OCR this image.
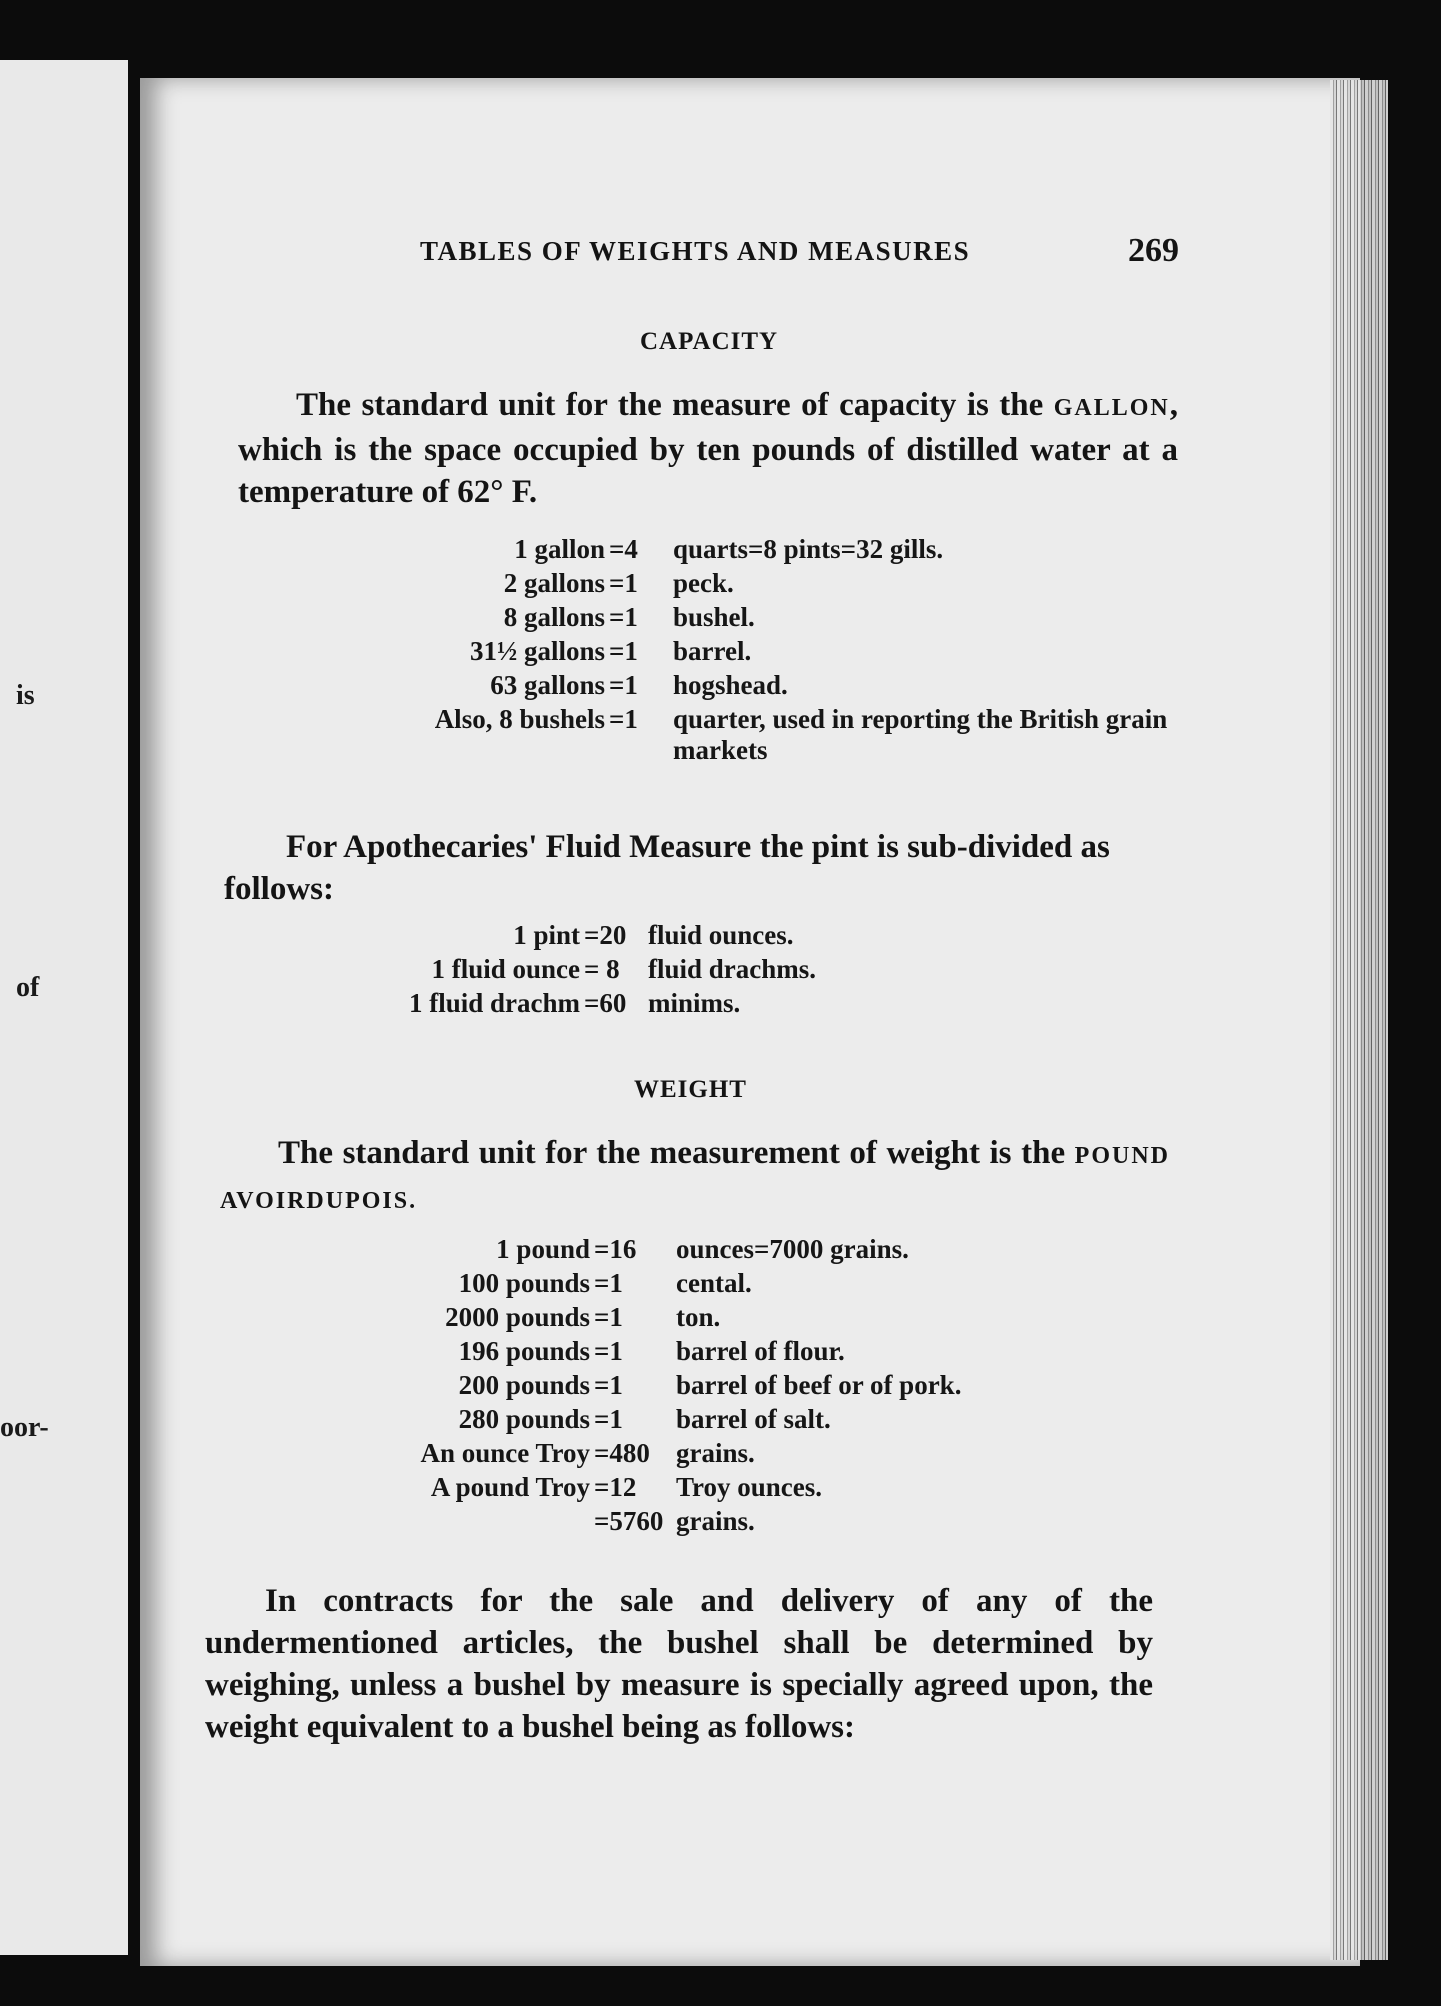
is
of
oor-
TABLES OF WEIGHTS AND MEASURES	269
CAPACITY
The standard unit for the measure of capacity is the GALLON, which is the space occupied by ten pounds of distilled water at a temperature of 62° F.
1 gallon	=4	quarts=8 pints=32 gills.
2 gallons	=1	peck.
8 gallons	=1	bushel.
31½ gallons	=1	barrel.
63 gallons	=1	hogshead.
Also, 8 bushels	=1	quarter, used in reporting the British grain markets
For Apothecaries' Fluid Measure the pint is sub-divided as follows:
1 pint	=20	fluid ounces.
1 fluid ounce	= 8	fluid drachms.
1 fluid drachm	=60	minims.
WEIGHT
The standard unit for the measurement of weight is the POUND AVOIRDUPOIS.
1 pound	=16	ounces=7000 grains.
100 pounds	=1	cental.
2000 pounds	=1	ton.
196 pounds	=1	barrel of flour.
200 pounds	=1	barrel of beef or of pork.
280 pounds	=1	barrel of salt.
An ounce Troy	=480	grains.
A pound Troy	=12	Troy ounces.
	=5760	grains.
In contracts for the sale and delivery of any of the undermentioned articles, the bushel shall be determined by weighing, unless a bushel by measure is specially agreed upon, the weight equivalent to a bushel being as follows:
